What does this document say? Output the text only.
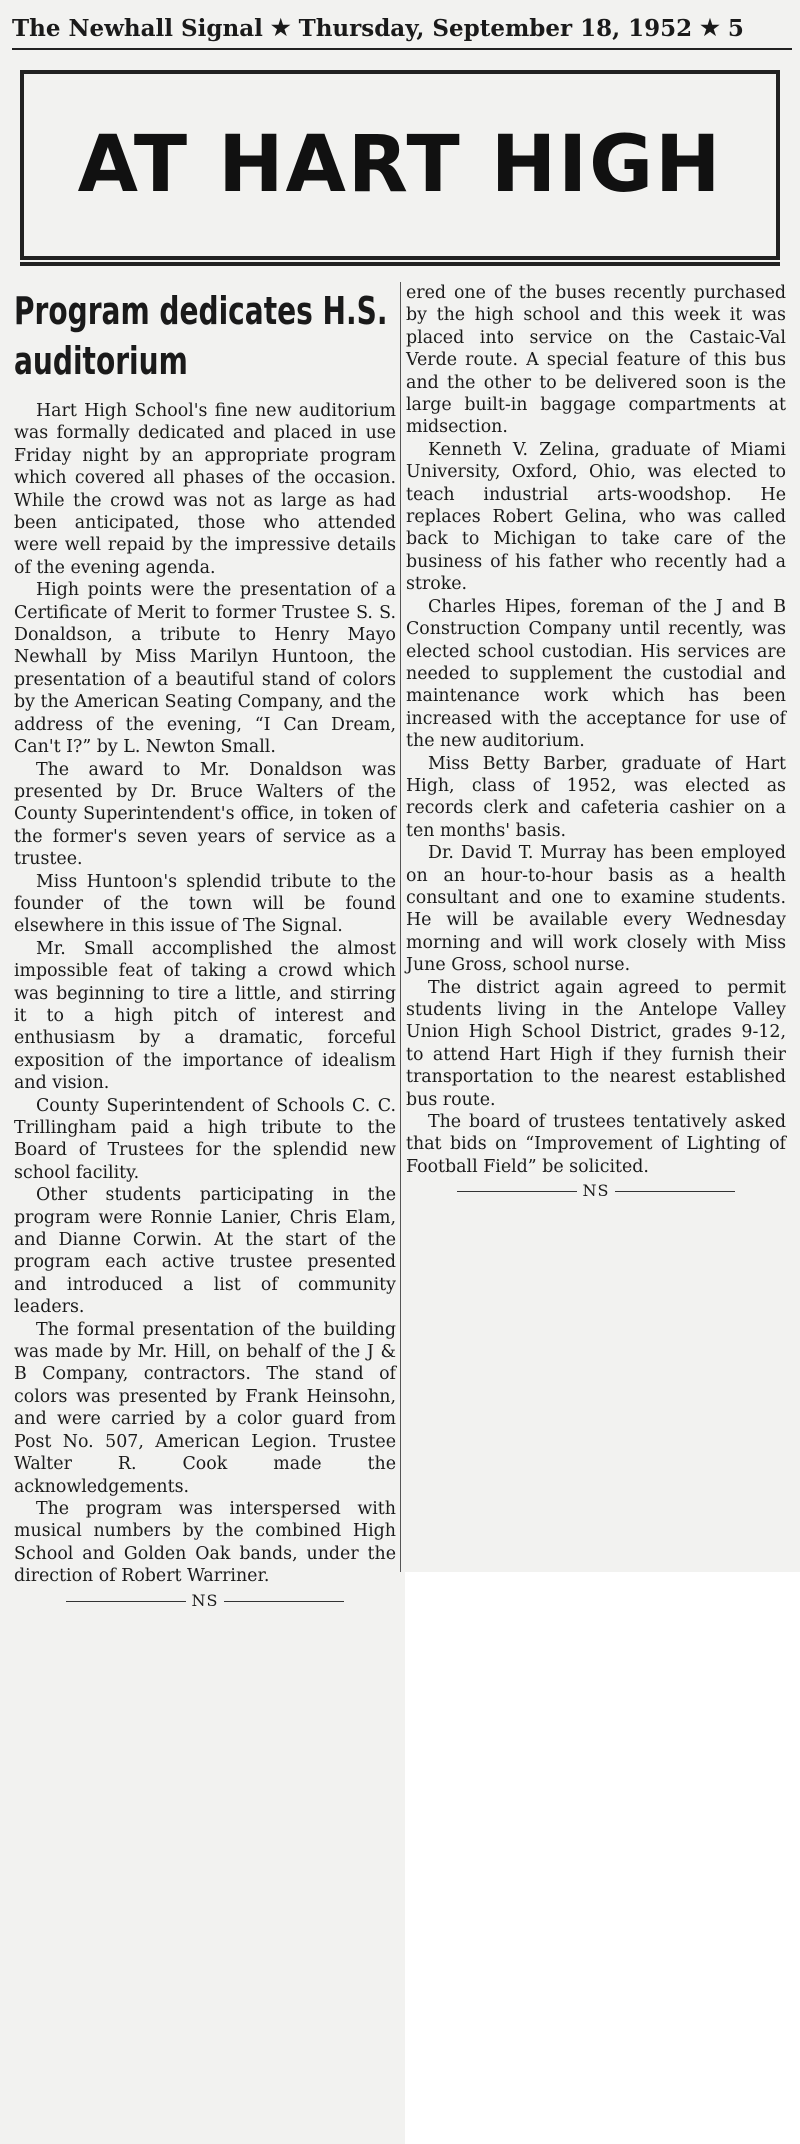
The Newhall Signal ★ Thursday, September 18, 1952 ★ 5
AT HART HIGH
Program dedicates H.S. auditorium

Hart High School's fine new auditorium was formally dedicated and placed in use Friday night by an appropriate program which covered all phases of the occasion. While the crowd was not as large as had been anticipated, those who attended were well repaid by the impressive details of the evening agenda.

High points were the presentation of a Certificate of Merit to former Trustee S. S. Donaldson, a tribute to Henry Mayo Newhall by Miss Marilyn Huntoon, the presentation of a beautiful stand of colors by the American Seating Company, and the address of the evening, “I Can Dream, Can't I?” by L. Newton Small.

The award to Mr. Donaldson was presented by Dr. Bruce Walters of the County Superintendent's office, in token of the former's seven years of service as a trustee.

Miss Huntoon's splendid tribute to the founder of the town will be found elsewhere in this issue of The Signal.

Mr. Small accomplished the almost impossible feat of taking a crowd which was beginning to tire a little, and stirring it to a high pitch of interest and enthusiasm by a dramatic, forceful exposition of the importance of idealism and vision.

County Superintendent of Schools C. C. Trillingham paid a high tribute to the Board of Trustees for the splendid new school facility.

Other students participating in the program were Ronnie Lanier, Chris Elam, and Dianne Corwin. At the start of the program each active trustee presented and introduced a list of community leaders.

The formal presentation of the building was made by Mr. Hill, on behalf of the J & B Company, contractors. The stand of colors was presented by Frank Heinsohn, and were carried by a color guard from Post No. 507, American Legion. Trustee Walter R. Cook made the acknowledgements.

The program was interspersed with musical numbers by the combined High School and Golden Oak bands, under the direction of Robert Warriner.

NS

ered one of the buses recently purchased by the high school and this week it was placed into service on the Castaic-Val Verde route. A special feature of this bus and the other to be delivered soon is the large built-in baggage compartments at midsection.

Kenneth V. Zelina, graduate of Miami University, Oxford, Ohio, was elected to teach industrial arts-woodshop. He replaces Robert Gelina, who was called back to Michigan to take care of the business of his father who recently had a stroke.

Charles Hipes, foreman of the J and B Construction Company until recently, was elected school custodian. His services are needed to supplement the custodial and maintenance work which has been increased with the acceptance for use of the new auditorium.

Miss Betty Barber, graduate of Hart High, class of 1952, was elected as records clerk and cafeteria cashier on a ten months' basis.

Dr. David T. Murray has been employed on an hour-to-hour basis as a health consultant and one to examine students. He will be available every Wednesday morning and will work closely with Miss June Gross, school nurse.

The district again agreed to permit students living in the Antelope Valley Union High School District, grades 9-12, to attend Hart High if they furnish their transportation to the nearest established bus route.

The board of trustees tentatively asked that bids on “Improvement of Lighting of Football Field” be solicited.

NS
